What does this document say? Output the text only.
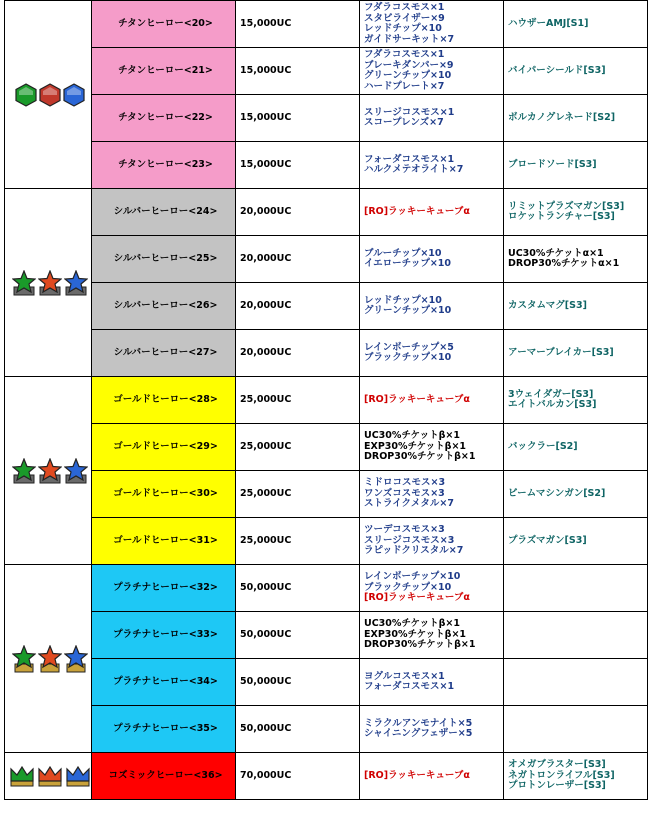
	チタンヒーロー<20>	15,000UC	フダラコスモス×1
スタビライザー×9
レッドチップ×10
ガイドサーキット×7	ハウザーAMJ[S1]

	チタンヒーロー<21>	15,000UC	フダラコスモス×1
ブレーキダンパー×9
グリーンチップ×10
ハードプレート×7	バイパーシールド[S3]

	チタンヒーロー<22>	15,000UC	スリージコスモス×1
スコープレンズ×7	ボルカノグレネード[S2]

	チタンヒーロー<23>	15,000UC	フォーダコスモス×1
ハルクメテオライト×7	ブロードソード[S3]

	シルバーヒーロー<24>	20,000UC	[RO]ラッキーキューブα	リミットプラズマガン[S3]
ロケットランチャー[S3]

	シルバーヒーロー<25>	20,000UC	ブルーチップ×10
イエローチップ×10	UC30%チケットα×1
DROP30%チケットα×1

	シルバーヒーロー<26>	20,000UC	レッドチップ×10
グリーンチップ×10	カスタムマグ[S3]

	シルバーヒーロー<27>	20,000UC	レインボーチップ×5
ブラックチップ×10	アーマーブレイカー[S3]

	ゴールドヒーロー<28>	25,000UC	[RO]ラッキーキューブα	3ウェイダガー[S3]
エイトバルカン[S3]

	ゴールドヒーロー<29>	25,000UC	UC30%チケットβ×1
EXP30%チケットβ×1
DROP30%チケットβ×1	バックラー[S2]

	ゴールドヒーロー<30>	25,000UC	ミドロコスモス×3
ワンズコスモス×3
ストライクメタル×7	ビームマシンガン[S2]

	ゴールドヒーロー<31>	25,000UC	ツーデコスモス×3
スリージコスモス×3
ラピッドクリスタル×7	プラズマガン[S3]

	プラチナヒーロー<32>	50,000UC	レインボーチップ×10
ブラックチップ×10
[RO]ラッキーキューブα	

	プラチナヒーロー<33>	50,000UC	UC30%チケットβ×1
EXP30%チケットβ×1
DROP30%チケットβ×1	

	プラチナヒーロー<34>	50,000UC	ヨグルコスモス×1
フォーダコスモス×1	

	プラチナヒーロー<35>	50,000UC	ミラクルアンモナイト×5
シャイニングフェザー×5	

	コズミックヒーロー<36>	70,000UC	[RO]ラッキーキューブα	オメガブラスター[S3]
ネガトロンライフル[S3]
プロトンレーザー[S3]
